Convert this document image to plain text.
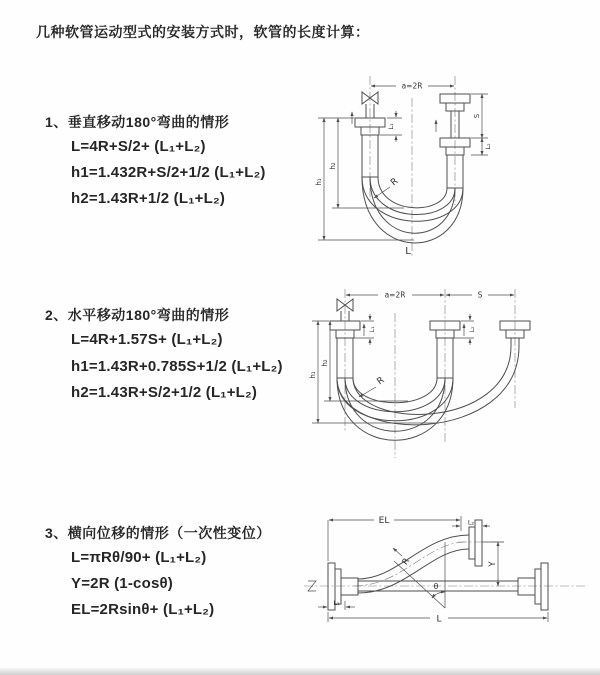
几种软管运动型式的安装方式时，软管的长度计算：
1、垂直移动180°弯曲的情形
L=4R+S/2+ (L₁+L₂)
h1=1.432R+S/2+1/2 (L₁+L₂)
h2=1.43R+1/2 (L₁+L₂)
2、水平移动180°弯曲的情形
L=4R+1.57S+ (L₁+L₂)
h1=1.43R+0.785S+1/2 (L₁+L₂)
h2=1.43R+S/2+1/2 (L₁+L₂)
3、横向位移的情形（一次性变位）
L=πRθ/90+ (L₁+L₂)
Y=2R (1-cosθ)
EL=2Rsinθ+ (L₁+L₂)
a=2R
L₁
S
L₂
h₁
h₂
R
L
a=2R	S
L₁	L₂
h₁
h₂
R
θ
R
EL	L₂
Y
L
L₁
